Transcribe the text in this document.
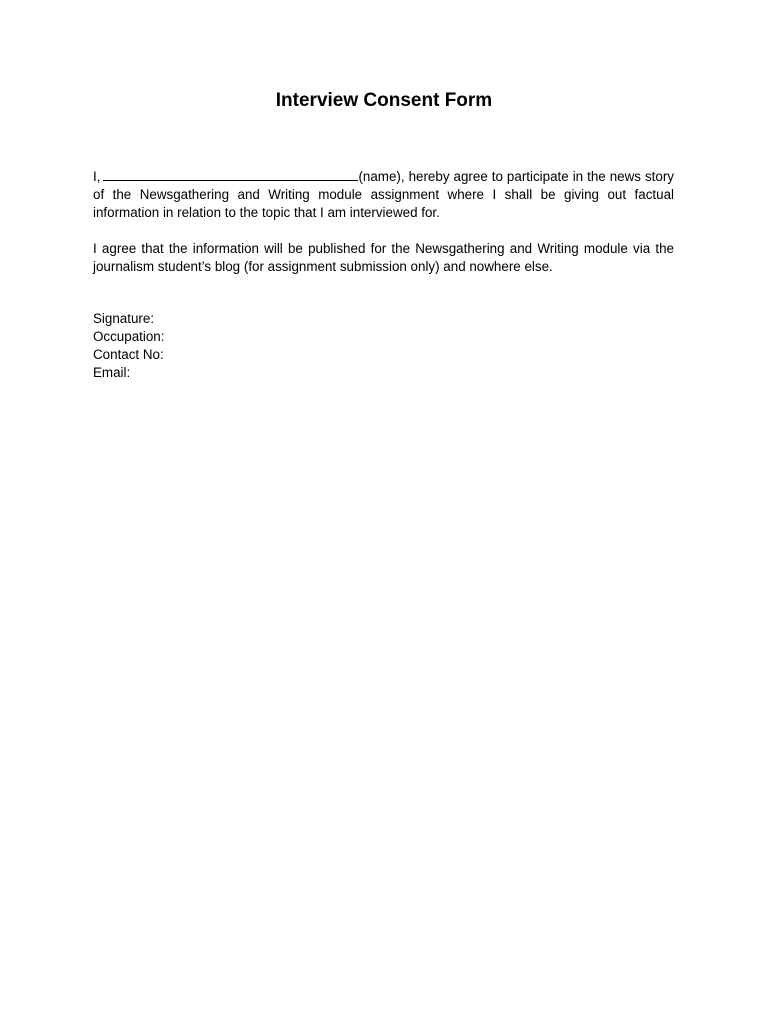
Interview Consent Form

I,	(name), hereby agree to participate in the news story of the Newsgathering and Writing module assignment where I shall be giving out factual information in relation to the topic that I am interviewed for.

I agree that the information will be published for the Newsgathering and Writing module via the journalism student’s blog (for assignment submission only) and nowhere else.

Signature:

Occupation:

Contact No:

Email:
